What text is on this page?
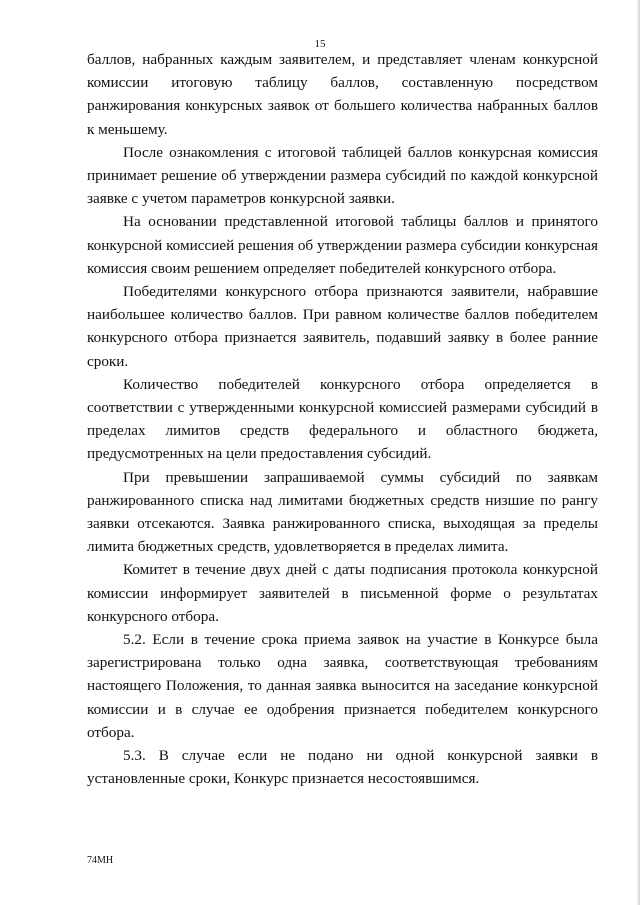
15

баллов, набранных каждым заявителем, и представляет членам конкурсной комиссии итоговую таблицу баллов, составленную посредством ранжирования конкурсных заявок от большего количества набранных баллов к меньшему.

После ознакомления с итоговой таблицей баллов конкурсная комиссия принимает решение об утверждении размера субсидий по каждой конкурсной заявке с учетом параметров конкурсной заявки.

На основании представленной итоговой таблицы баллов и принятого конкурсной комиссией решения об утверждении размера субсидии конкурсная комиссия своим решением определяет победителей конкурсного отбора.

Победителями конкурсного отбора признаются заявители, набравшие наибольшее количество баллов. При равном количестве баллов победителем конкурсного отбора признается заявитель, подавший заявку в более ранние сроки.

Количество победителей конкурсного отбора определяется в соответствии с утвержденными конкурсной комиссией размерами субсидий в пределах лимитов средств федерального и областного бюджета, предусмотренных на цели предоставления субсидий.

При превышении запрашиваемой суммы субсидий по заявкам ранжированного списка над лимитами бюджетных средств низшие по рангу заявки отсекаются. Заявка ранжированного списка, выходящая за пределы лимита бюджетных средств, удовлетворяется в пределах лимита.

Комитет в течение двух дней с даты подписания протокола конкурсной комиссии информирует заявителей в письменной форме о результатах конкурсного отбора.

5.2. Если в течение срока приема заявок на участие в Конкурсе была зарегистрирована только одна заявка, соответствующая требованиям настоящего Положения, то данная заявка выносится на заседание конкурсной комиссии и в случае ее одобрения признается победителем конкурсного отбора.

5.3. В случае если не подано ни одной конкурсной заявки в установленные сроки, Конкурс признается несостоявшимся.

74МН
